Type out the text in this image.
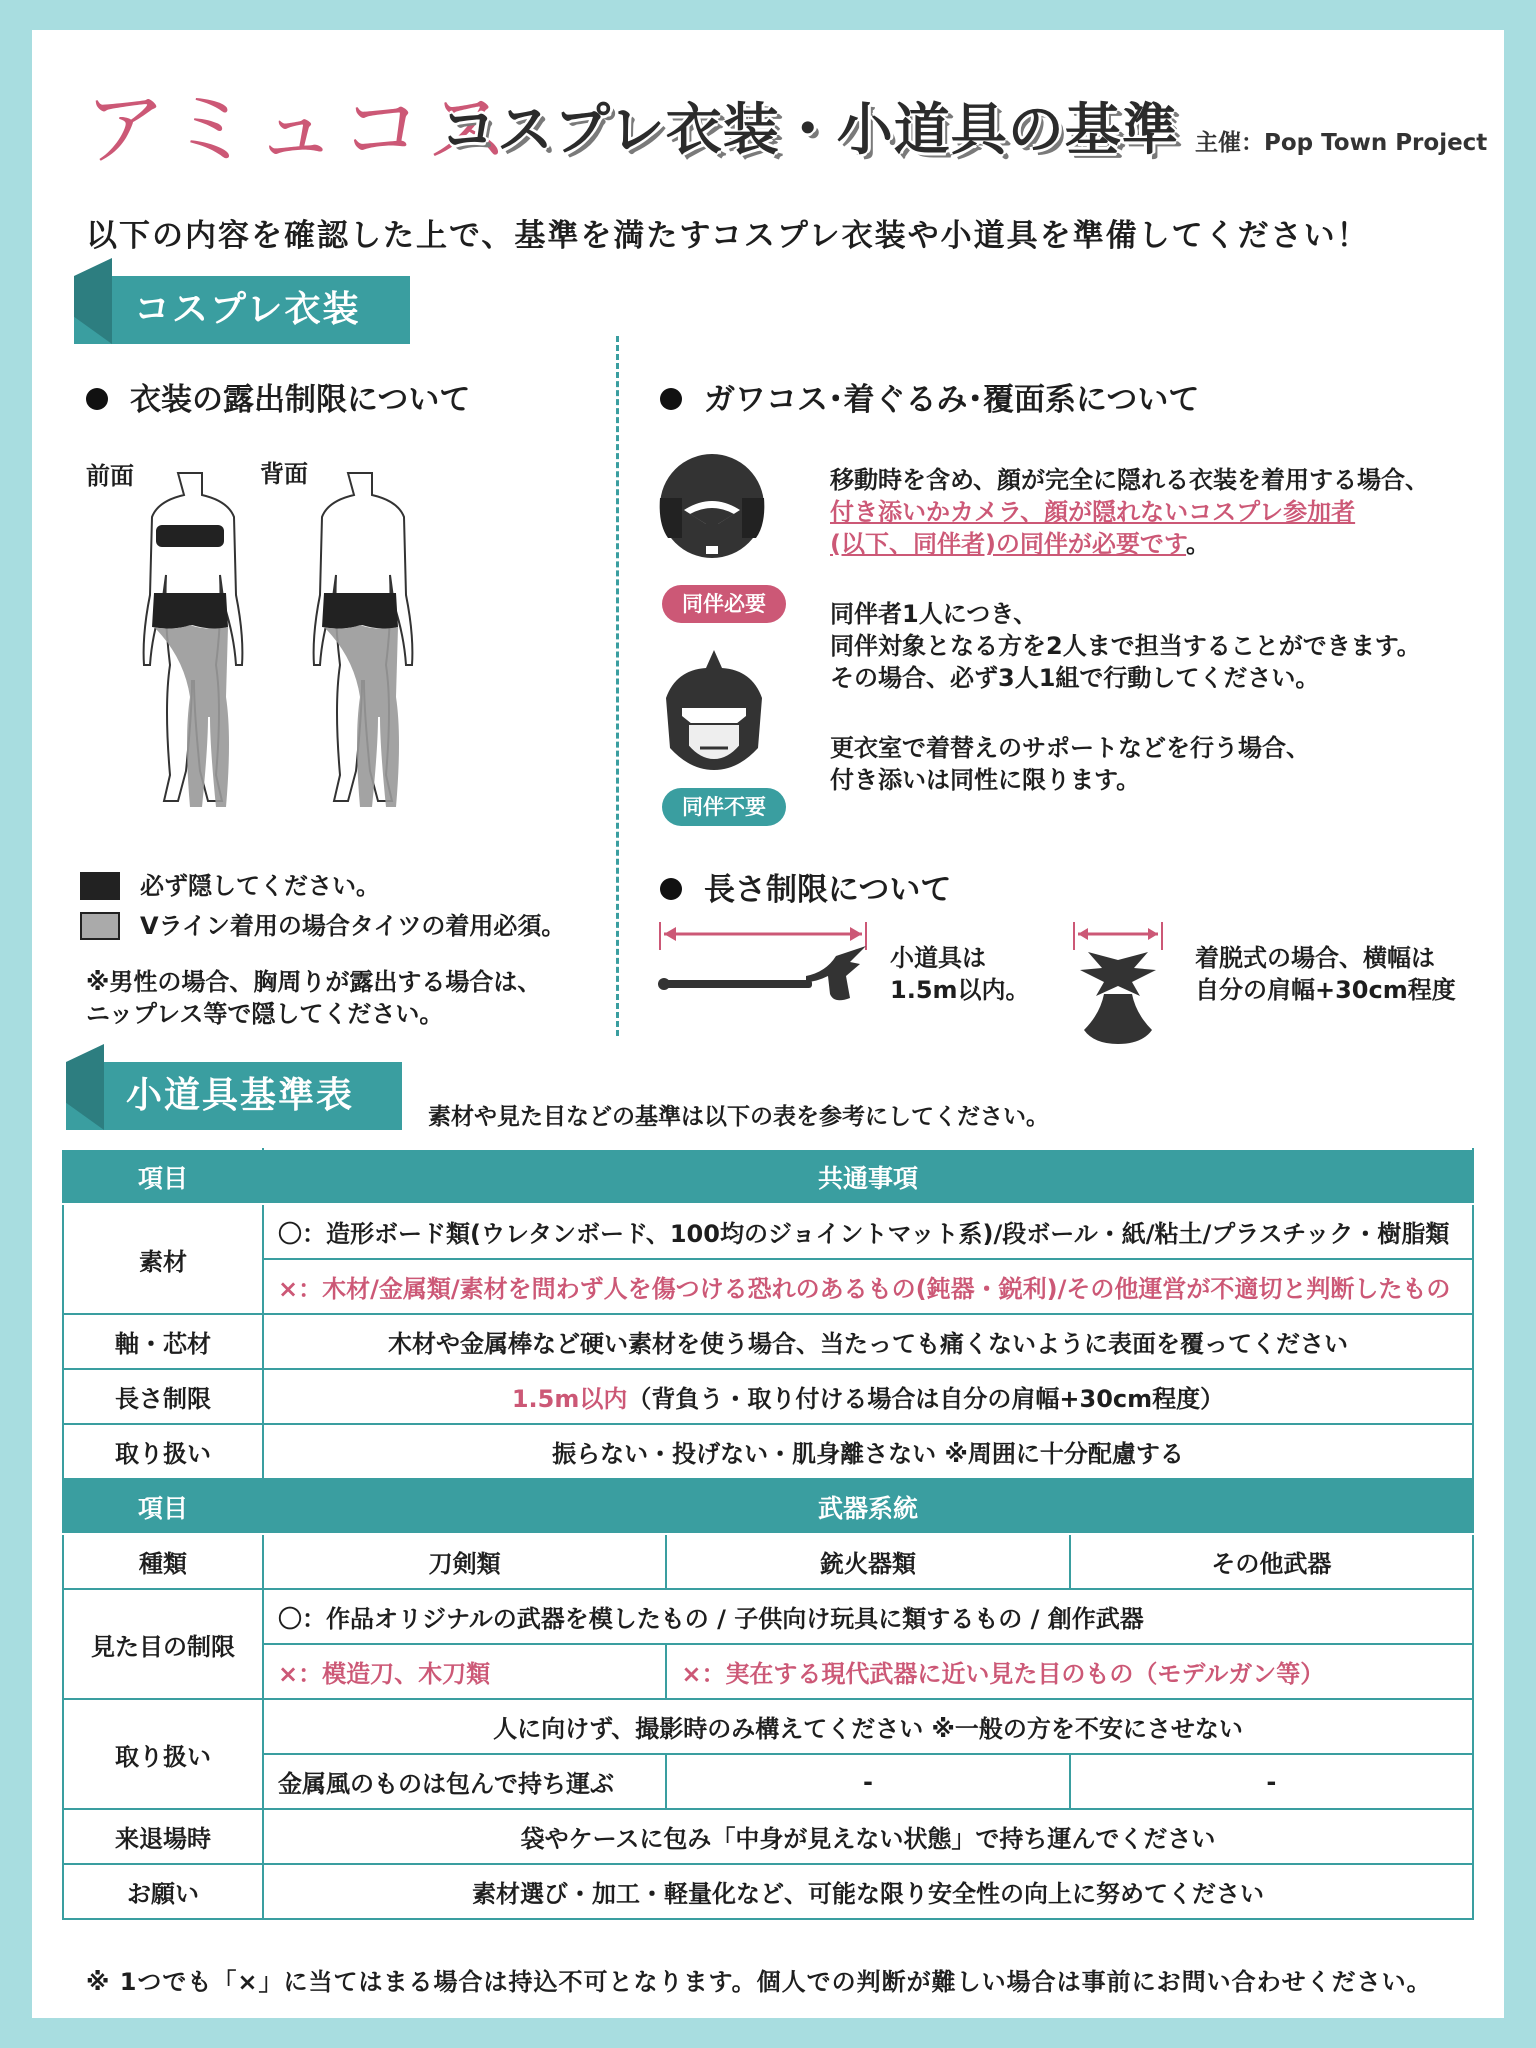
アミュコス
コスプレ衣装・小道具の基準 主催：Pop Town Project
以下の内容を確認した上で、基準を満たすコスプレ衣装や小道具を準備してください！
コスプレ衣装
衣装の露出制限について
前面	背面
必ず隠してください。
Vライン着用の場合タイツの着用必須。
※男性の場合、胸周りが露出する場合は、
ニップレス等で隠してください。
ガワコス･着ぐるみ･覆面系について
同伴必要
同伴不要
移動時を含め、顔が完全に隠れる衣装を着用する場合、
付き添いかカメラ、顔が隠れないコスプレ参加者
(以下、同伴者)の同伴が必要です。
同伴者1人につき、
同伴対象となる方を2人まで担当することができます。
その場合、必ず3人1組で行動してください。
更衣室で着替えのサポートなどを行う場合、
付き添いは同性に限ります。
長さ制限について
小道具は
1.5m以内。
着脱式の場合、横幅は
自分の肩幅+30cm程度
小道具基準表
素材や見た目などの基準は以下の表を参考にしてください。
項目	共通事項		
素材	〇：造形ボード類(ウレタンボード、100均のジョイントマット系)/段ボール・紙/粘土/プラスチック・樹脂類		
	×：木材/金属類/素材を問わず人を傷つける恐れのあるもの(鈍器・鋭利)/その他運営が不適切と判断したもの		
軸・芯材	木材や金属棒など硬い素材を使う場合、当たっても痛くないように表面を覆ってください		
長さ制限	1.5m以内（背負う・取り付ける場合は自分の肩幅+30cm程度）		
取り扱い	振らない・投げない・肌身離さない ※周囲に十分配慮する		
項目	武器系統		
種類	刀剣類	銃火器類	その他武器
見た目の制限	〇：作品オリジナルの武器を模したもの / 子供向け玩具に類するもの / 創作武器		
	×：模造刀、木刀類	×：実在する現代武器に近い見た目のもの（モデルガン等）	
取り扱い	人に向けず、撮影時のみ構えてください ※一般の方を不安にさせない		
	金属風のものは包んで持ち運ぶ	-	-
来退場時	袋やケースに包み「中身が見えない状態」で持ち運んでください		
お願い	素材選び・加工・軽量化など、可能な限り安全性の向上に努めてください		
※ 1つでも「×」に当てはまる場合は持込不可となります。個人での判断が難しい場合は事前にお問い合わせください。
